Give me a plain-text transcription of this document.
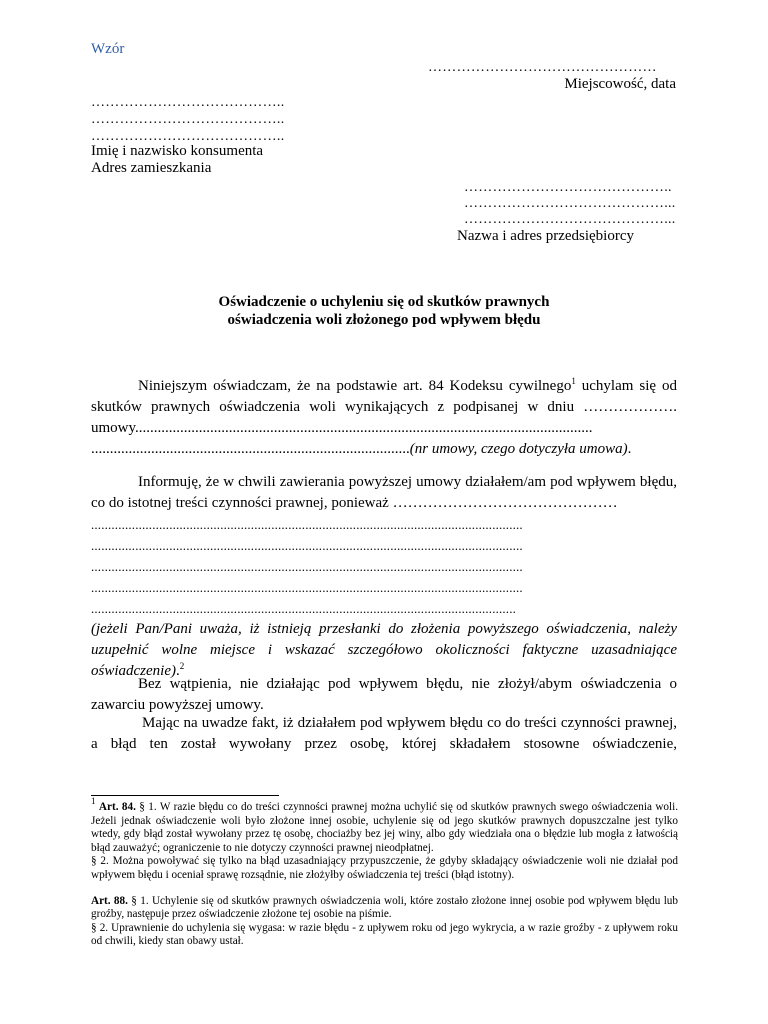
Wzór
…………………………………………
Miejscowość, data
…………………………………..
…………………………………..
…………………………………..
Imię i nazwisko konsumenta
Adres zamieszkania
……………………………………..
……………………………………...
……………………………………...
Nazwa i adres przedsiębiorcy
Oświadczenie o uchyleniu się od skutków prawnych
oświadczenia woli złożonego pod wpływem błędu

Niniejszym oświadczam, że na podstawie art. 84 Kodeksu cywilnego$^1$ uchylam się od skutków prawnych oświadczenia woli wynikających z podpisanej w dniu ………………. umowy..........................................................................................................................

.....................................................................................(nr umowy, czego dotyczyła umowa).

Informuję, że w chwili zawierania powyższej umowy działałem/am pod wpływem błędu, co do istotnej treści czynności prawnej, ponieważ ………………………………………

...............................................................................................................................

...............................................................................................................................

...............................................................................................................................

...............................................................................................................................

.............................................................................................................................

(jeżeli Pan/Pani uważa, iż istnieją przesłanki do złożenia powyższego oświadczenia, należy uzupełnić wolne miejsce i wskazać szczegółowo okoliczności faktyczne uzasadniające oświadczenie).$^2$

Bez wątpienia, nie działając pod wpływem błędu, nie złożył/abym oświadczenia o zawarciu powyższej umowy.

Mając na uwadze fakt, iż działałem pod wpływem błędu co do treści czynności prawnej, a błąd ten został wywołany przez osobę, której składałem stosowne oświadczenie,

$^1$ Art. 84. § 1. W razie błędu co do treści czynności prawnej można uchylić się od skutków prawnych swego oświadczenia woli. Jeżeli jednak oświadczenie woli było złożone innej osobie, uchylenie się od jego skutków prawnych dopuszczalne jest tylko wtedy, gdy błąd został wywołany przez tę osobę, chociażby bez jej winy, albo gdy wiedziała ona o błędzie lub mogła z łatwością błąd zauważyć; ograniczenie to nie dotyczy czynności prawnej nieodpłatnej.

§ 2. Można powoływać się tylko na błąd uzasadniający przypuszczenie, że gdyby składający oświadczenie woli nie działał pod wpływem błędu i oceniał sprawę rozsądnie, nie złożyłby oświadczenia tej treści (błąd istotny).

Art. 88. § 1. Uchylenie się od skutków prawnych oświadczenia woli, które zostało złożone innej osobie pod wpływem błędu lub groźby, następuje przez oświadczenie złożone tej osobie na piśmie.

§ 2. Uprawnienie do uchylenia się wygasa: w razie błędu - z upływem roku od jego wykrycia, a w razie groźby - z upływem roku od chwili, kiedy stan obawy ustał.
